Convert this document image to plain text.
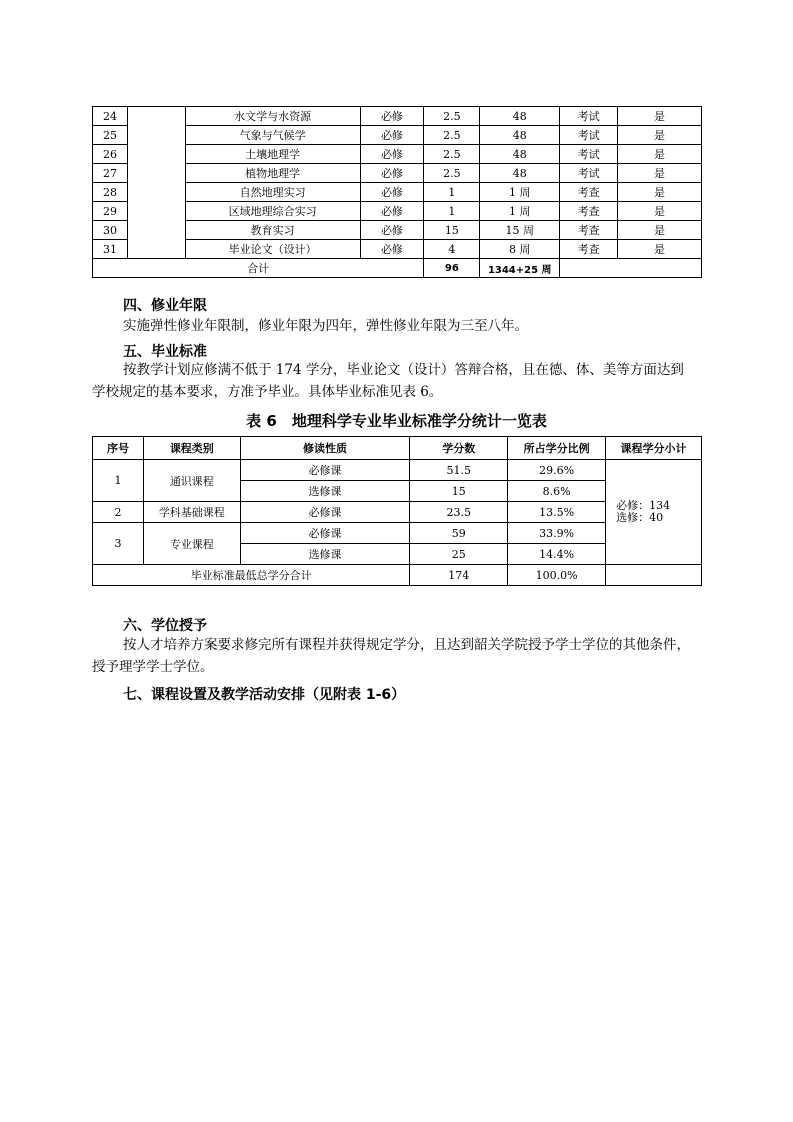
24		水文学与水资源	必修	2.5	48	考试	是
25		气象与气候学	必修	2.5	48	考试	是
26		土壤地理学	必修	2.5	48	考试	是
27		植物地理学	必修	2.5	48	考试	是
28		自然地理实习	必修	1	1 周	考查	是
29		区域地理综合实习	必修	1	1 周	考查	是
30		教育实习	必修	15	15 周	考查	是
31		毕业论文（设计）	必修	4	8 周	考查	是
合计				96	1344+25 周		
四、修业年限
实施弹性修业年限制，修业年限为四年，弹性修业年限为三至八年。
五、毕业标准
按教学计划应修满不低于 174 学分，毕业论文（设计）答辩合格，且在德、体、美等方面达到
学校规定的基本要求，方准予毕业。具体毕业标准见表 6。
表 6　地理科学专业毕业标准学分统计一览表
序号	课程类别	修读性质	学分数	所占学分比例	课程学分小计
1	通识课程	必修课	51.5	29.6%	必修：134
选修：40

		选修课	15	8.6%	
2	学科基础课程	必修课	23.5	13.5%	
3	专业课程	必修课	59	33.9%	
		选修课	25	14.4%	
毕业标准最低总学分合计			174	100.0%	
六、学位授予
按人才培养方案要求修完所有课程并获得规定学分，且达到韶关学院授予学士学位的其他条件，
授予理学学士学位。
七、课程设置及教学活动安排（见附表 1-6）
